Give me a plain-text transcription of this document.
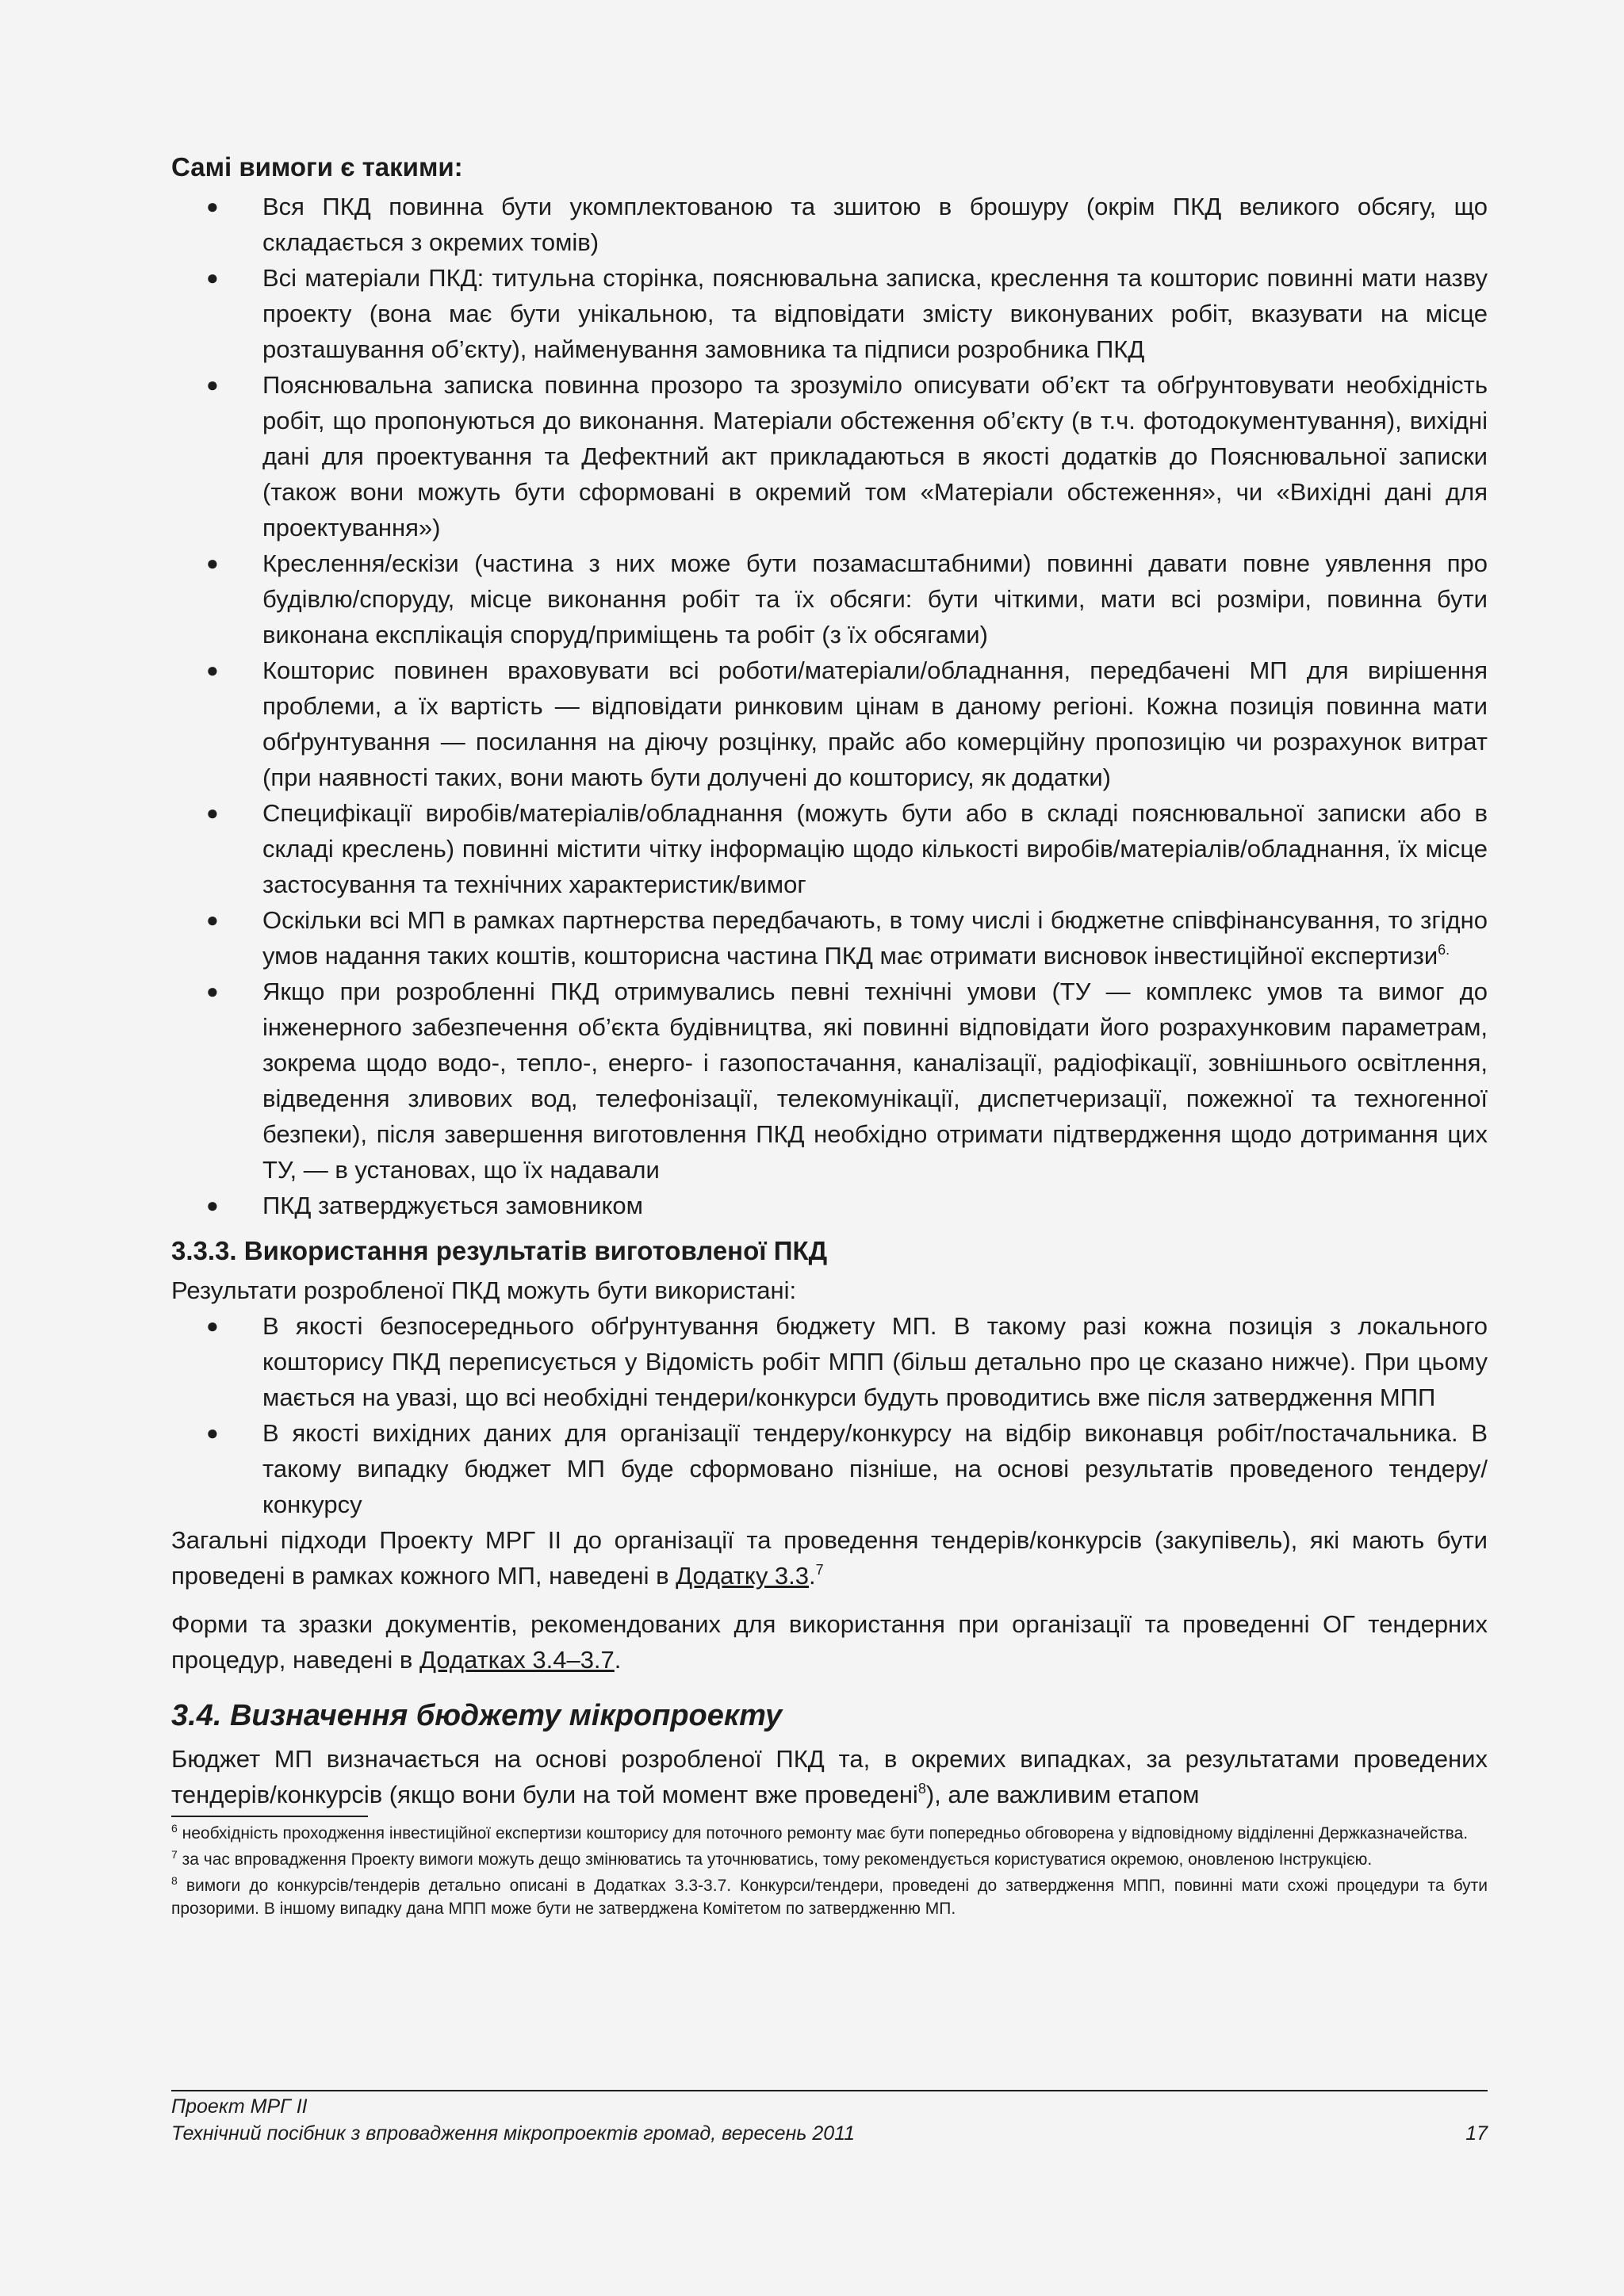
Самі вимоги є такими:
● Вся ПКД повинна бути укомплектованою та зшитою в брошуру (окрім ПКД великого обсягу, що складається з окремих томів)
● Всі матеріали ПКД: титульна сторінка, пояснювальна записка, креслення та кошторис повинні мати назву проекту (вона має бути унікальною, та відповідати змісту виконуваних робіт, вказувати на місце розташування об’єкту), найменування замовника та підписи розробника ПКД
● Пояснювальна записка повинна прозоро та зрозуміло описувати об’єкт та обґрунтовувати необхідність робіт, що пропонуються до виконання. Матеріали обстеження об’єкту (в т.ч. фотодокументування), вихідні дані для проектування та Дефектний акт прикладаються в якості додатків до Пояснювальної записки (також вони можуть бути сформовані в окремий том «Матеріали обстеження», чи «Вихідні дані для проектування»)
● Креслення/ескізи (частина з них може бути позамасштабними) повинні давати повне уявлення про будівлю/споруду, місце виконання робіт та їх обсяги: бути чіткими, мати всі розміри, повинна бути виконана експлікація споруд/приміщень та робіт (з їх обсягами)
● Кошторис повинен враховувати всі роботи/матеріали/обладнання, передбачені МП для вирішення проблеми, а їх вартість — відповідати ринковим цінам в даному регіоні. Кожна позиція повинна мати обґрунтування — посилання на діючу розцінку, прайс або комерційну пропозицію чи розрахунок витрат (при наявності таких, вони мають бути долучені до кошторису, як додатки)
● Специфікації виробів/матеріалів/обладнання (можуть бути або в складі пояснювальної записки або в складі креслень) повинні містити чітку інформацію щодо кількості виробів/матеріалів/обладнання, їх місце застосування та технічних характеристик/вимог
● Оскільки всі МП в рамках партнерства передбачають, в тому числі і бюджетне співфінансування, то згідно умов надання таких коштів, кошторисна частина ПКД має отримати висновок інвестиційної експертизи$^{6.}$
● Якщо при розробленні ПКД отримувались певні технічні умови (ТУ — комплекс умов та вимог до інженерного забезпечення об’єкта будівництва, які повинні відповідати його розрахунковим параметрам, зокрема щодо водо-, тепло-, енерго- і газопостачання, каналізації, радіофікації, зовнішнього освітлення, відведення зливових вод, телефонізації, телекомунікації, диспетчеризації, пожежної та техногенної безпеки), після завершення виготовлення ПКД необхідно отримати підтвердження щодо дотримання цих ТУ, — в установах, що їх надавали
● ПКД затверджується замовником
3.3.3. Використання результатів виготовленої ПКД

Результати розробленої ПКД можуть бути використані:

● В якості безпосереднього обґрунтування бюджету МП. В такому разі кожна позиція з локального кошторису ПКД переписується у Відомість робіт МПП (більш детально про це сказано нижче). При цьому мається на увазі, що всі необхідні тендери/конкурси будуть проводитись вже після затвердження МПП
● В якості вихідних даних для організації тендеру/конкурсу на відбір виконавця робіт/постачальника. В такому випадку бюджет МП буде сформовано пізніше, на основі результатів проведеного тендеру/конкурсу

Загальні підходи Проекту МРГ II до організації та проведення тендерів/конкурсів (закупівель), які мають бути проведені в рамках кожного МП, наведені в Додатку 3.3.$^7$

Форми та зразки документів, рекомендованих для використання при організації та проведенні ОГ тендерних процедур, наведені в Додатках 3.4–3.7.

3.4. Визначення бюджету мікропроекту

Бюджет МП визначається на основі розробленої ПКД та, в окремих випадках, за результатами проведених тендерів/конкурсів (якщо вони були на той момент вже проведені$^8$), але важливим етапом

$^6$ необхідність проходження інвестиційної експертизи кошторису для поточного ремонту має бути попередньо обговорена у відповідному відділенні Держказначейства.

$^7$ за час впровадження Проекту вимоги можуть дещо змінюватись та уточнюватись, тому рекомендується користуватися окремою, оновленою Інструкцією.

$^8$ вимоги до конкурсів/тендерів детально описані в Додатках 3.3-3.7. Конкурси/тендери, проведені до затвердження МПП, повинні мати схожі процедури та бути прозорими. В іншому випадку дана МПП може бути не затверджена Комітетом по затвердженню МП.

Проект МРГ II
Технічний посібник з впровадження мікропроектів громад, вересень 2011	17
